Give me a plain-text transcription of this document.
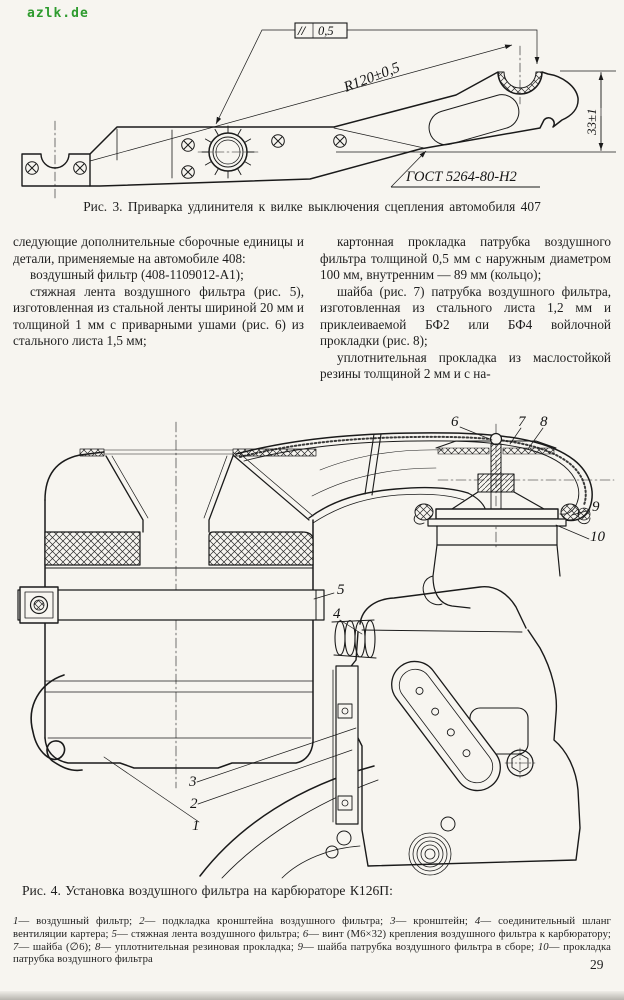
azlk.de
// 0,5
R120±0,5
33±1
ГОСТ 5264-80-Н2
Рис. 3. Приварка удлинителя к вилке выключения сцепления автомобиля 407

следующие дополнительные сборочные единицы и детали, применяемые на автомобиле 408:

воздушный фильтр (408-1109012-А1);

стяжная лента воздушного фильтра (рис. 5), изготовленная из стальной ленты шириной 20 мм и толщиной 1 мм с приварными ушами (рис. 6) из стального листа 1,5 мм;

картонная прокладка патрубка воздушного фильтра толщиной 0,5 мм с наружным диаметром 100 мм, внутренним — 89 мм (кольцо);

шайба (рис. 7) патрубка воздушного фильтра, изготовленная из стального листа 1,2 мм и приклеиваемой БФ2 или БФ4 войлочной прокладки (рис. 8);

уплотнительная прокладка из маслостойкой резины толщиной 2 мм и с на-

6	7 8
9
10
5
4
3
2
1
Рис. 4. Установка воздушного фильтра на карбюраторе К126П:

1— воздушный фильтр; 2— подкладка кронштейна воздушного фильтра; 3— кронштейн; 4— соединительный шланг вентиляции картера; 5— стяжная лента воздушного фильтра; 6— винт (М6×32) крепления воздушного фильтра к карбюратору; 7— шайба (∅6); 8— уплотнительная резиновая прокладка; 9— шайба патрубка воздушного фильтра в сборе; 10— прокладка патрубка воздушного фильтра	29
